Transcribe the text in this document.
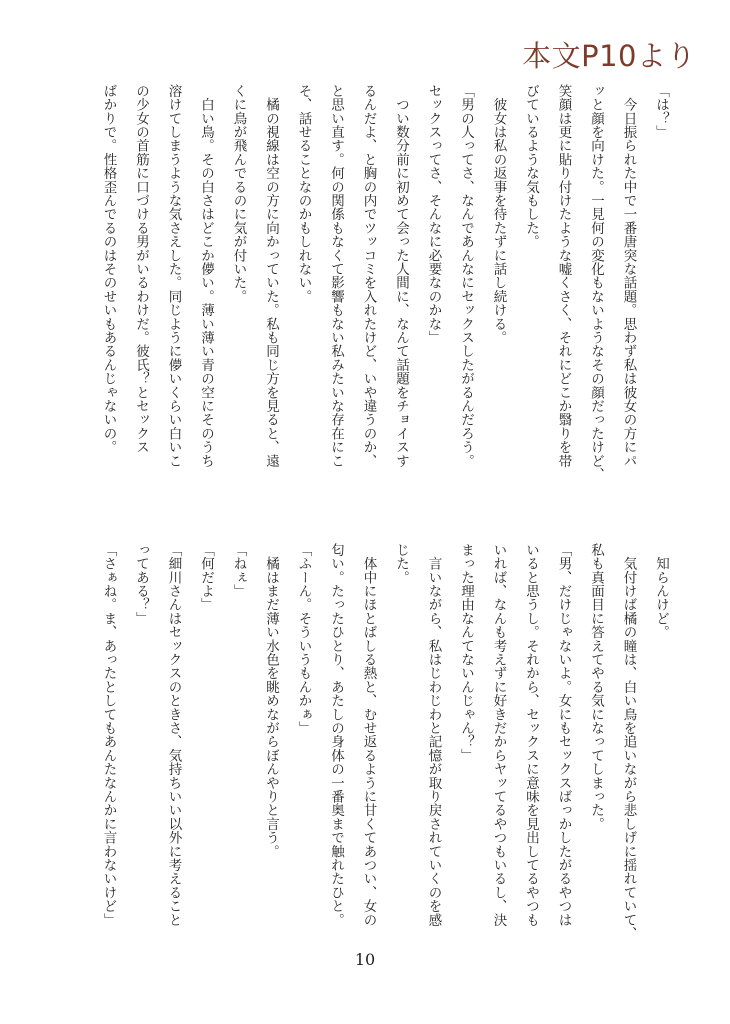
本文P10より
「は？」
　今日振られた中で一番唐突な話題。思わず私は彼女の方にパ
ッと顔を向けた。一見何の変化もないようなその顔だったけど、
笑顔は更に貼り付けたような嘘くさく、それにどこか翳りを帯
びているような気もした。
　彼女は私の返事を待たずに話し続ける。
「男の人ってさ、なんであんなにセックスしたがるんだろう。
セックスってさ、そんなに必要なのかな」
　つい数分前に初めて会った人間に、なんて話題をチョイスす
るんだよ、と胸の内でツッコミを入れたけど、いや違うのか、
と思い直す。何の関係もなくて影響もない私みたいな存在にこ
そ、話せることなのかもしれない。
　橘の視線は空の方に向かっていた。私も同じ方を見ると、遠
くに鳥が飛んでるのに気が付いた。
　白い鳥。その白さはどこか儚い。薄い薄い青の空にそのうち
溶けてしまうような気さえした。同じように儚いくらい白いこ
の少女の首筋に口づける男がいるわけだ。彼氏？とセックス
ばかりで。性格歪んでるのはそのせいもあるんじゃないの。
　知らんけど。
　気付けば橘の瞳は、白い鳥を追いながら悲しげに揺れていて、
私も真面目に答えてやる気になってしまった。
「男、だけじゃないよ。女にもセックスばっかしたがるやつは
いると思うし。それから、セックスに意味を見出してるやつも
いれば、なんも考えずに好きだからヤッてるやつもいるし、決
まった理由なんてないんじゃん？」
　言いながら、私はじわじわと記憶が取り戻されていくのを感
じた。
　体中にほとばしる熱と、むせ返るように甘くてあつい、女の
匂い。たったひとり、あたしの身体の一番奥まで触れたひと。
「ふーん。そういうもんかぁ」
　橘はまだ薄い水色を眺めながらぼんやりと言う。
「ねぇ」
「何だよ」
「細川さんはセックスのときさ、気持ちいい以外に考えること
ってある？」
「さぁね。ま、あったとしてもあんたなんかに言わないけど」
10
